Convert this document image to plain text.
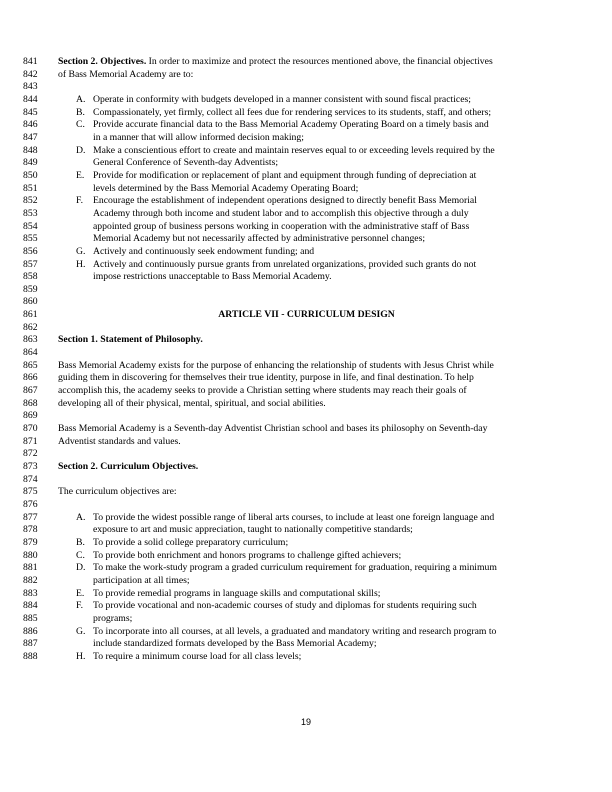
841	Section 2. Objectives. In order to maximize and protect the resources mentioned above, the financial objectives
842	of Bass Memorial Academy are to:
843
844	A. Operate in conformity with budgets developed in a manner consistent with sound fiscal practices;
845	B. Compassionately, yet firmly, collect all fees due for rendering services to its students, staff, and others;
846	C. Provide accurate financial data to the Bass Memorial Academy Operating Board on a timely basis and
847	in a manner that will allow informed decision making;
848	D. Make a conscientious effort to create and maintain reserves equal to or exceeding levels required by the
849	General Conference of Seventh-day Adventists;
850	E. Provide for modification or replacement of plant and equipment through funding of depreciation at
851	levels determined by the Bass Memorial Academy Operating Board;
852	F.	Encourage the establishment of independent operations designed to directly benefit Bass Memorial
853	Academy through both income and student labor and to accomplish this objective through a duly
854	appointed group of business persons working in cooperation with the administrative staff of Bass
855	Memorial Academy but not necessarily affected by administrative personnel changes;
856	G. Actively and continuously seek endowment funding; and
857	H. Actively and continuously pursue grants from unrelated organizations, provided such grants do not
858	impose restrictions unacceptable to Bass Memorial Academy.
859
860
861	ARTICLE VII - CURRICULUM DESIGN
862
863	Section 1. Statement of Philosophy.
864
865	Bass Memorial Academy exists for the purpose of enhancing the relationship of students with Jesus Christ while
866	guiding them in discovering for themselves their true identity, purpose in life, and final destination. To help
867	accomplish this, the academy seeks to provide a Christian setting where students may reach their goals of
868	developing all of their physical, mental, spiritual, and social abilities.
869
870	Bass Memorial Academy is a Seventh-day Adventist Christian school and bases its philosophy on Seventh-day
871	Adventist standards and values.
872
873	Section 2. Curriculum Objectives.
874
875	The curriculum objectives are:
876
877	A. To provide the widest possible range of liberal arts courses, to include at least one foreign language and
878	exposure to art and music appreciation, taught to nationally competitive standards;
879	B. To provide a solid college preparatory curriculum;
880	C. To provide both enrichment and honors programs to challenge gifted achievers;
881	D. To make the work-study program a graded curriculum requirement for graduation, requiring a minimum
882	participation at all times;
883	E. To provide remedial programs in language skills and computational skills;
884	F.	To provide vocational and non-academic courses of study and diplomas for students requiring such
885	programs;
886	G. To incorporate into all courses, at all levels, a graduated and mandatory writing and research program to
887	include standardized formats developed by the Bass Memorial Academy;
888	H. To require a minimum course load for all class levels;
19
